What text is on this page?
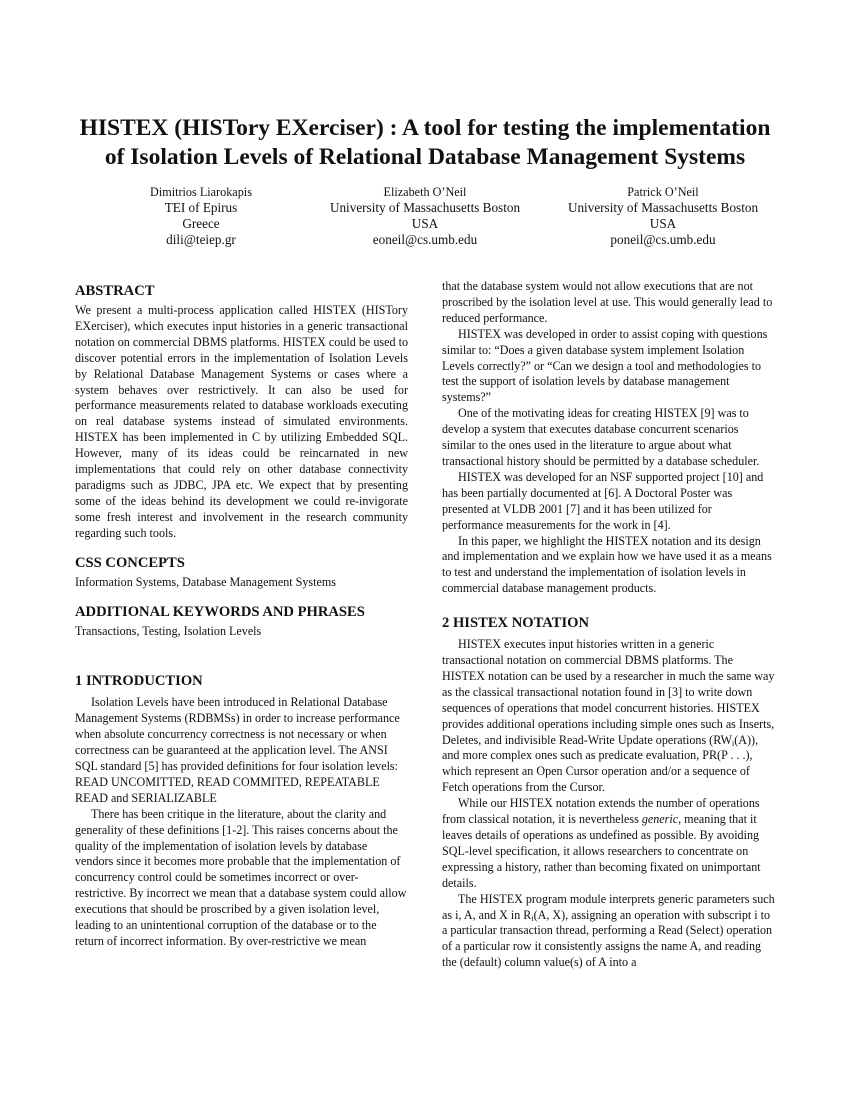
HISTEX (HISTory EXerciser) : A tool for testing the implementation
of Isolation Levels of Relational Database Management Systems
Dimitrios Liarokapis
TEI of Epirus
Greece
dili@teiep.gr
Elizabeth O’Neil
University of Massachusetts Boston
USA
eoneil@cs.umb.edu
Patrick O’Neil
University of Massachusetts Boston
USA
poneil@cs.umb.edu
ABSTRACT

We present a multi-process application called HISTEX (HISTory EXerciser), which executes input histories in a generic transactional notation on commercial DBMS platforms. HISTEX could be used to discover potential errors in the implementation of Isolation Levels by Relational Database Management Systems or cases where a system behaves over restrictively. It can also be used for performance measurements related to database workloads executing on real database systems instead of simulated environments. HISTEX has been implemented in C by utilizing Embedded SQL. However, many of its ideas could be reincarnated in new implementations that could rely on other database connectivity paradigms such as JDBC, JPA etc. We expect that by presenting some of the ideas behind its development we could re-invigorate some fresh interest and involvement in the research community regarding such tools.

CSS CONCEPTS

Information Systems, Database Management Systems

ADDITIONAL KEYWORDS AND PHRASES

Transactions, Testing, Isolation Levels

1 INTRODUCTION

Isolation Levels have been introduced in Relational Database Management Systems (RDBMSs) in order to increase performance when absolute concurrency correctness is not necessary or when correctness can be guaranteed at the application level. The ANSI SQL standard [5] has provided definitions for four isolation levels: READ UNCOMITTED, READ COMMITED, REPEATABLE READ and SERIALIZABLE

There has been critique in the literature, about the clarity and generality of these definitions [1-2]. This raises concerns about the quality of the implementation of isolation levels by database vendors since it becomes more probable that the implementation of concurrency control could be sometimes incorrect or over-restrictive. By incorrect we mean that a database system could allow executions that should be proscribed by a given isolation level, leading to an unintentional corruption of the database or to the return of incorrect information. By over-restrictive we mean

that the database system would not allow executions that are not proscribed by the isolation level at use. This would generally lead to reduced performance.

HISTEX was developed in order to assist coping with questions similar to: “Does a given database system implement Isolation Levels correctly?” or “Can we design a tool and methodologies to test the support of isolation levels by database management systems?”

One of the motivating ideas for creating HISTEX [9] was to develop a system that executes database concurrent scenarios similar to the ones used in the literature to argue about what transactional history should be permitted by a database scheduler.

HISTEX was developed for an NSF supported project [10] and has been partially documented at [6]. A Doctoral Poster was presented at VLDB 2001 [7] and it has been utilized for performance measurements for the work in [4].

In this paper, we highlight the HISTEX notation and its design and implementation and we explain how we have used it as a means to test and understand the implementation of isolation levels in commercial database management products.

2 HISTEX NOTATION

HISTEX executes input histories written in a generic transactional notation on commercial DBMS platforms. The HISTEX notation can be used by a researcher in much the same way as the classical transactional notation found in [3] to write down sequences of operations that model concurrent histories. HISTEX provides additional operations including simple ones such as Inserts, Deletes, and indivisible Read-Write Update operations $(RW_i(A))$, and more complex ones such as predicate evaluation, PR(P . . .), which represent an Open Cursor operation and/or a sequence of Fetch operations from the Cursor.

While our HISTEX notation extends the number of operations from classical notation, it is nevertheless generic, meaning that it leaves details of operations as undefined as possible. By avoiding SQL-level specification, it allows researchers to concentrate on expressing a history, rather than becoming fixated on unimportant details.

The HISTEX program module interprets generic parameters such as i, A, and X in $R_i(A$, X), assigning an operation with subscript i to a particular transaction thread, performing a Read (Select) operation of a particular row it consistently assigns the name A, and reading the (default) column value(s) of A into a
